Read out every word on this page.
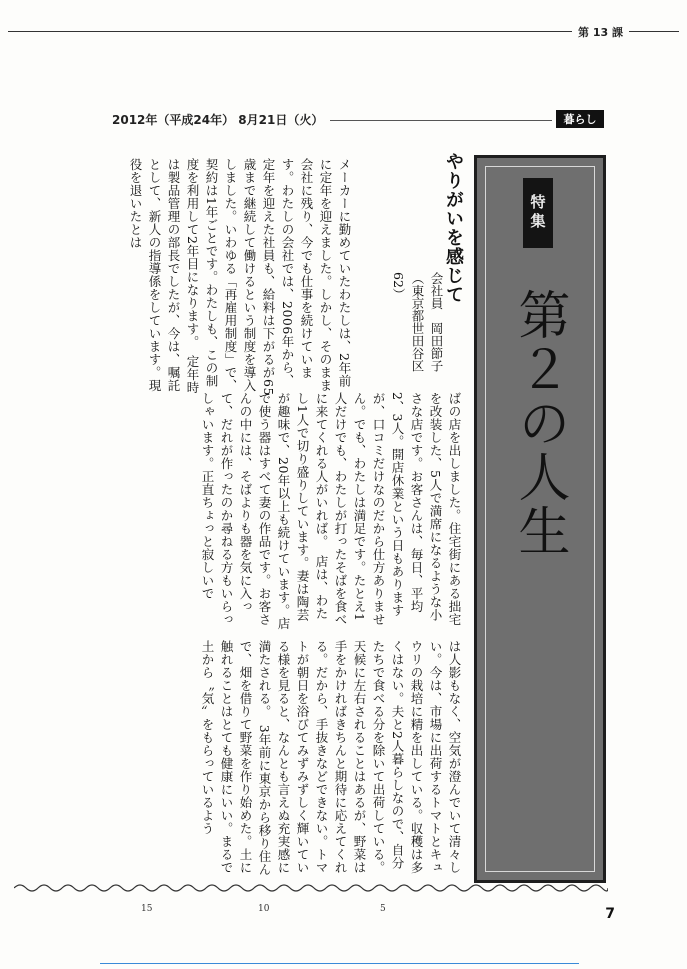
第 13 課
2012年（平成24年） 8月21日（火）	暮らし
特集
第２の人生
やりがいを感じて
会社員　岡田節子
（東京都世田谷区　62）
メーカーに勤めていたわたしは、2年前に定年を迎えました。しかし、そのまま会社に残り、今でも仕事を続けています。わたしの会社では、2006年から、定年を迎えた社員も、給料は下がるが65歳まで継続して働けるという制度を導入しました。いわゆる「再雇用制度」で、契約は1年ごとです。わたしも、この制度を利用して2年目になります。　定年時は製品管理の部長でしたが、今は、嘱託として、新人の指導係をしています。現役を退いたとは
ばの店を出しました。住宅街にある拙宅を改装した、5人で満席になるような小さな店です。お客さんは、毎日、平均2、3人。開店休業という日もありますが、口コミだけなのだから仕方ありません。でも、わたしは満足です。たとえ1人だけでも、わたしが打ったそばを食べに来てくれる人がいれば。　店は、わたし1人で切り盛りしています。妻は陶芸が趣味で、20年以上も続けています。店で使う器はすべて妻の作品です。お客さんの中には、そばよりも器を気に入って、だれが作ったのか尋ねる方もいらっしゃいます。正直ちょっと寂しいで
は人影もなく、空気が澄んでいて清々しい。今は、市場に出荷するトマトとキュウリの栽培に精を出している。収穫は多くはない。夫と2人暮らしなので、自分たちで食べる分を除いて出荷している。天候に左右されることはあるが、野菜は手をかければきちんと期待に応えてくれる。だから、手抜きなどできない。トマトが朝日を浴びてみずみずしく輝いている様を見ると、なんとも言えぬ充実感に満たされる。　3年前に東京から移り住んで、畑を借りて野菜を作り始めた。土に触れることはとても健康にいい。まるで土から〝気〟をもらっているよう
15	10	5	7
